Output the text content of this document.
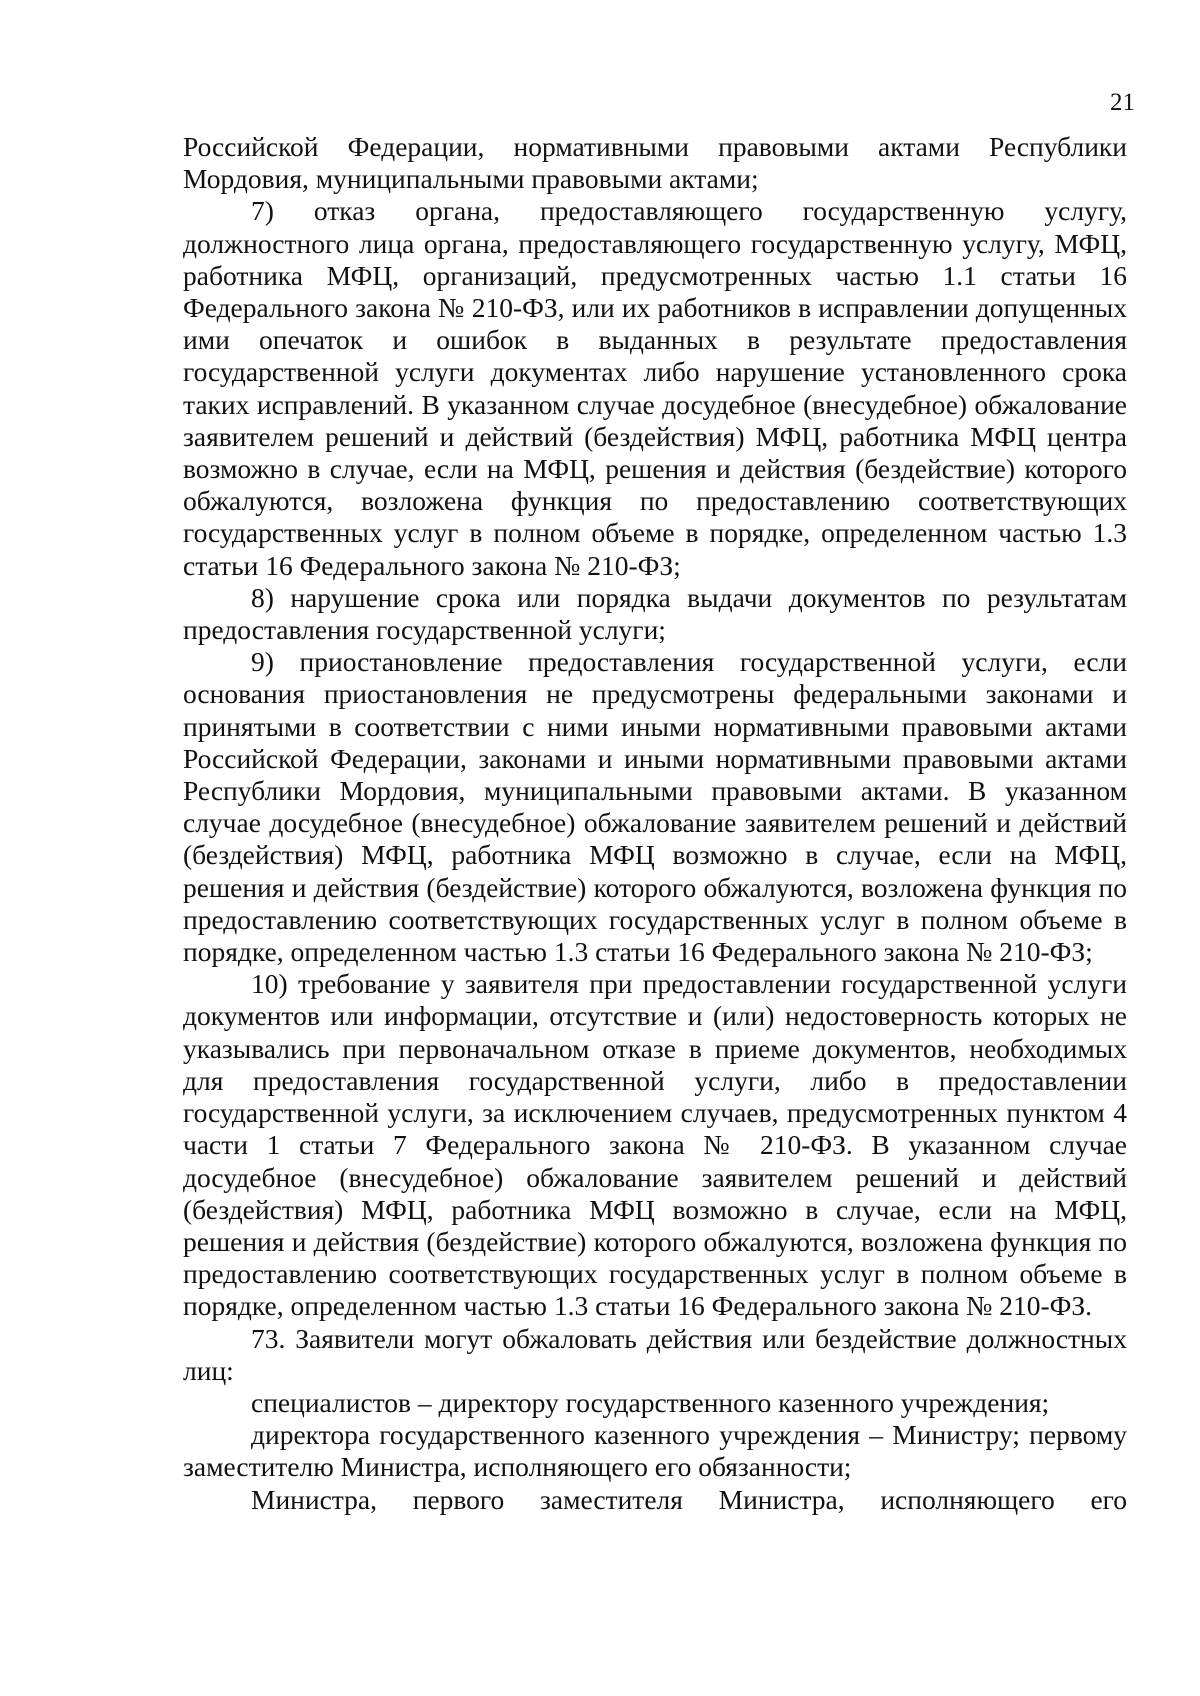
21

Российской Федерации, нормативными правовыми актами Республики Мордовия, муниципальными правовыми актами;

7) отказ органа, предоставляющего государственную услугу, должностного лица органа, предоставляющего государственную услугу, МФЦ, работника МФЦ, организаций, предусмотренных частью 1.1 статьи 16 Федерального закона № 210-ФЗ, или их работников в исправлении допущенных ими опечаток и ошибок в выданных в результате предоставления государственной услуги документах либо нарушение установленного срока таких исправлений. В указанном случае досудебное (внесудебное) обжалование заявителем решений и действий (бездействия) МФЦ, работника МФЦ центра возможно в случае, если на МФЦ, решения и действия (бездействие) которого обжалуются, возложена функция по предоставлению соответствующих государственных услуг в полном объеме в порядке, определенном частью 1.3 статьи 16 Федерального закона № 210-ФЗ;

8) нарушение срока или порядка выдачи документов по результатам предоставления государственной услуги;

9) приостановление предоставления государственной услуги, если основания приостановления не предусмотрены федеральными законами и принятыми в соответствии с ними иными нормативными правовыми актами Российской Федерации, законами и иными нормативными правовыми актами Республики Мордовия, муниципальными правовыми актами. В указанном случае досудебное (внесудебное) обжалование заявителем решений и действий (бездействия) МФЦ, работника МФЦ возможно в случае, если на МФЦ, решения и действия (бездействие) которого обжалуются, возложена функция по предоставлению соответствующих государственных услуг в полном объеме в порядке, определенном частью 1.3 статьи 16 Федерального закона № 210-ФЗ;

10) требование у заявителя при предоставлении государственной услуги документов или информации, отсутствие и (или) недостоверность которых не указывались при первоначальном отказе в приеме документов, необходимых для предоставления государственной услуги, либо в предоставлении государственной услуги, за исключением случаев, предусмотренных пунктом 4 части 1 статьи 7 Федерального закона № 210-ФЗ. В указанном случае досудебное (внесудебное) обжалование заявителем решений и действий (бездействия) МФЦ, работника МФЦ возможно в случае, если на МФЦ, решения и действия (бездействие) которого обжалуются, возложена функция по предоставлению соответствующих государственных услуг в полном объеме в порядке, определенном частью 1.3 статьи 16 Федерального закона № 210-ФЗ.

73. Заявители могут обжаловать действия или бездействие должностных лиц:

специалистов – директору государственного казенного учреждения;

директора государственного казенного учреждения – Министру; первому заместителю Министра, исполняющего его обязанности;

Министра, первого заместителя Министра, исполняющего его
